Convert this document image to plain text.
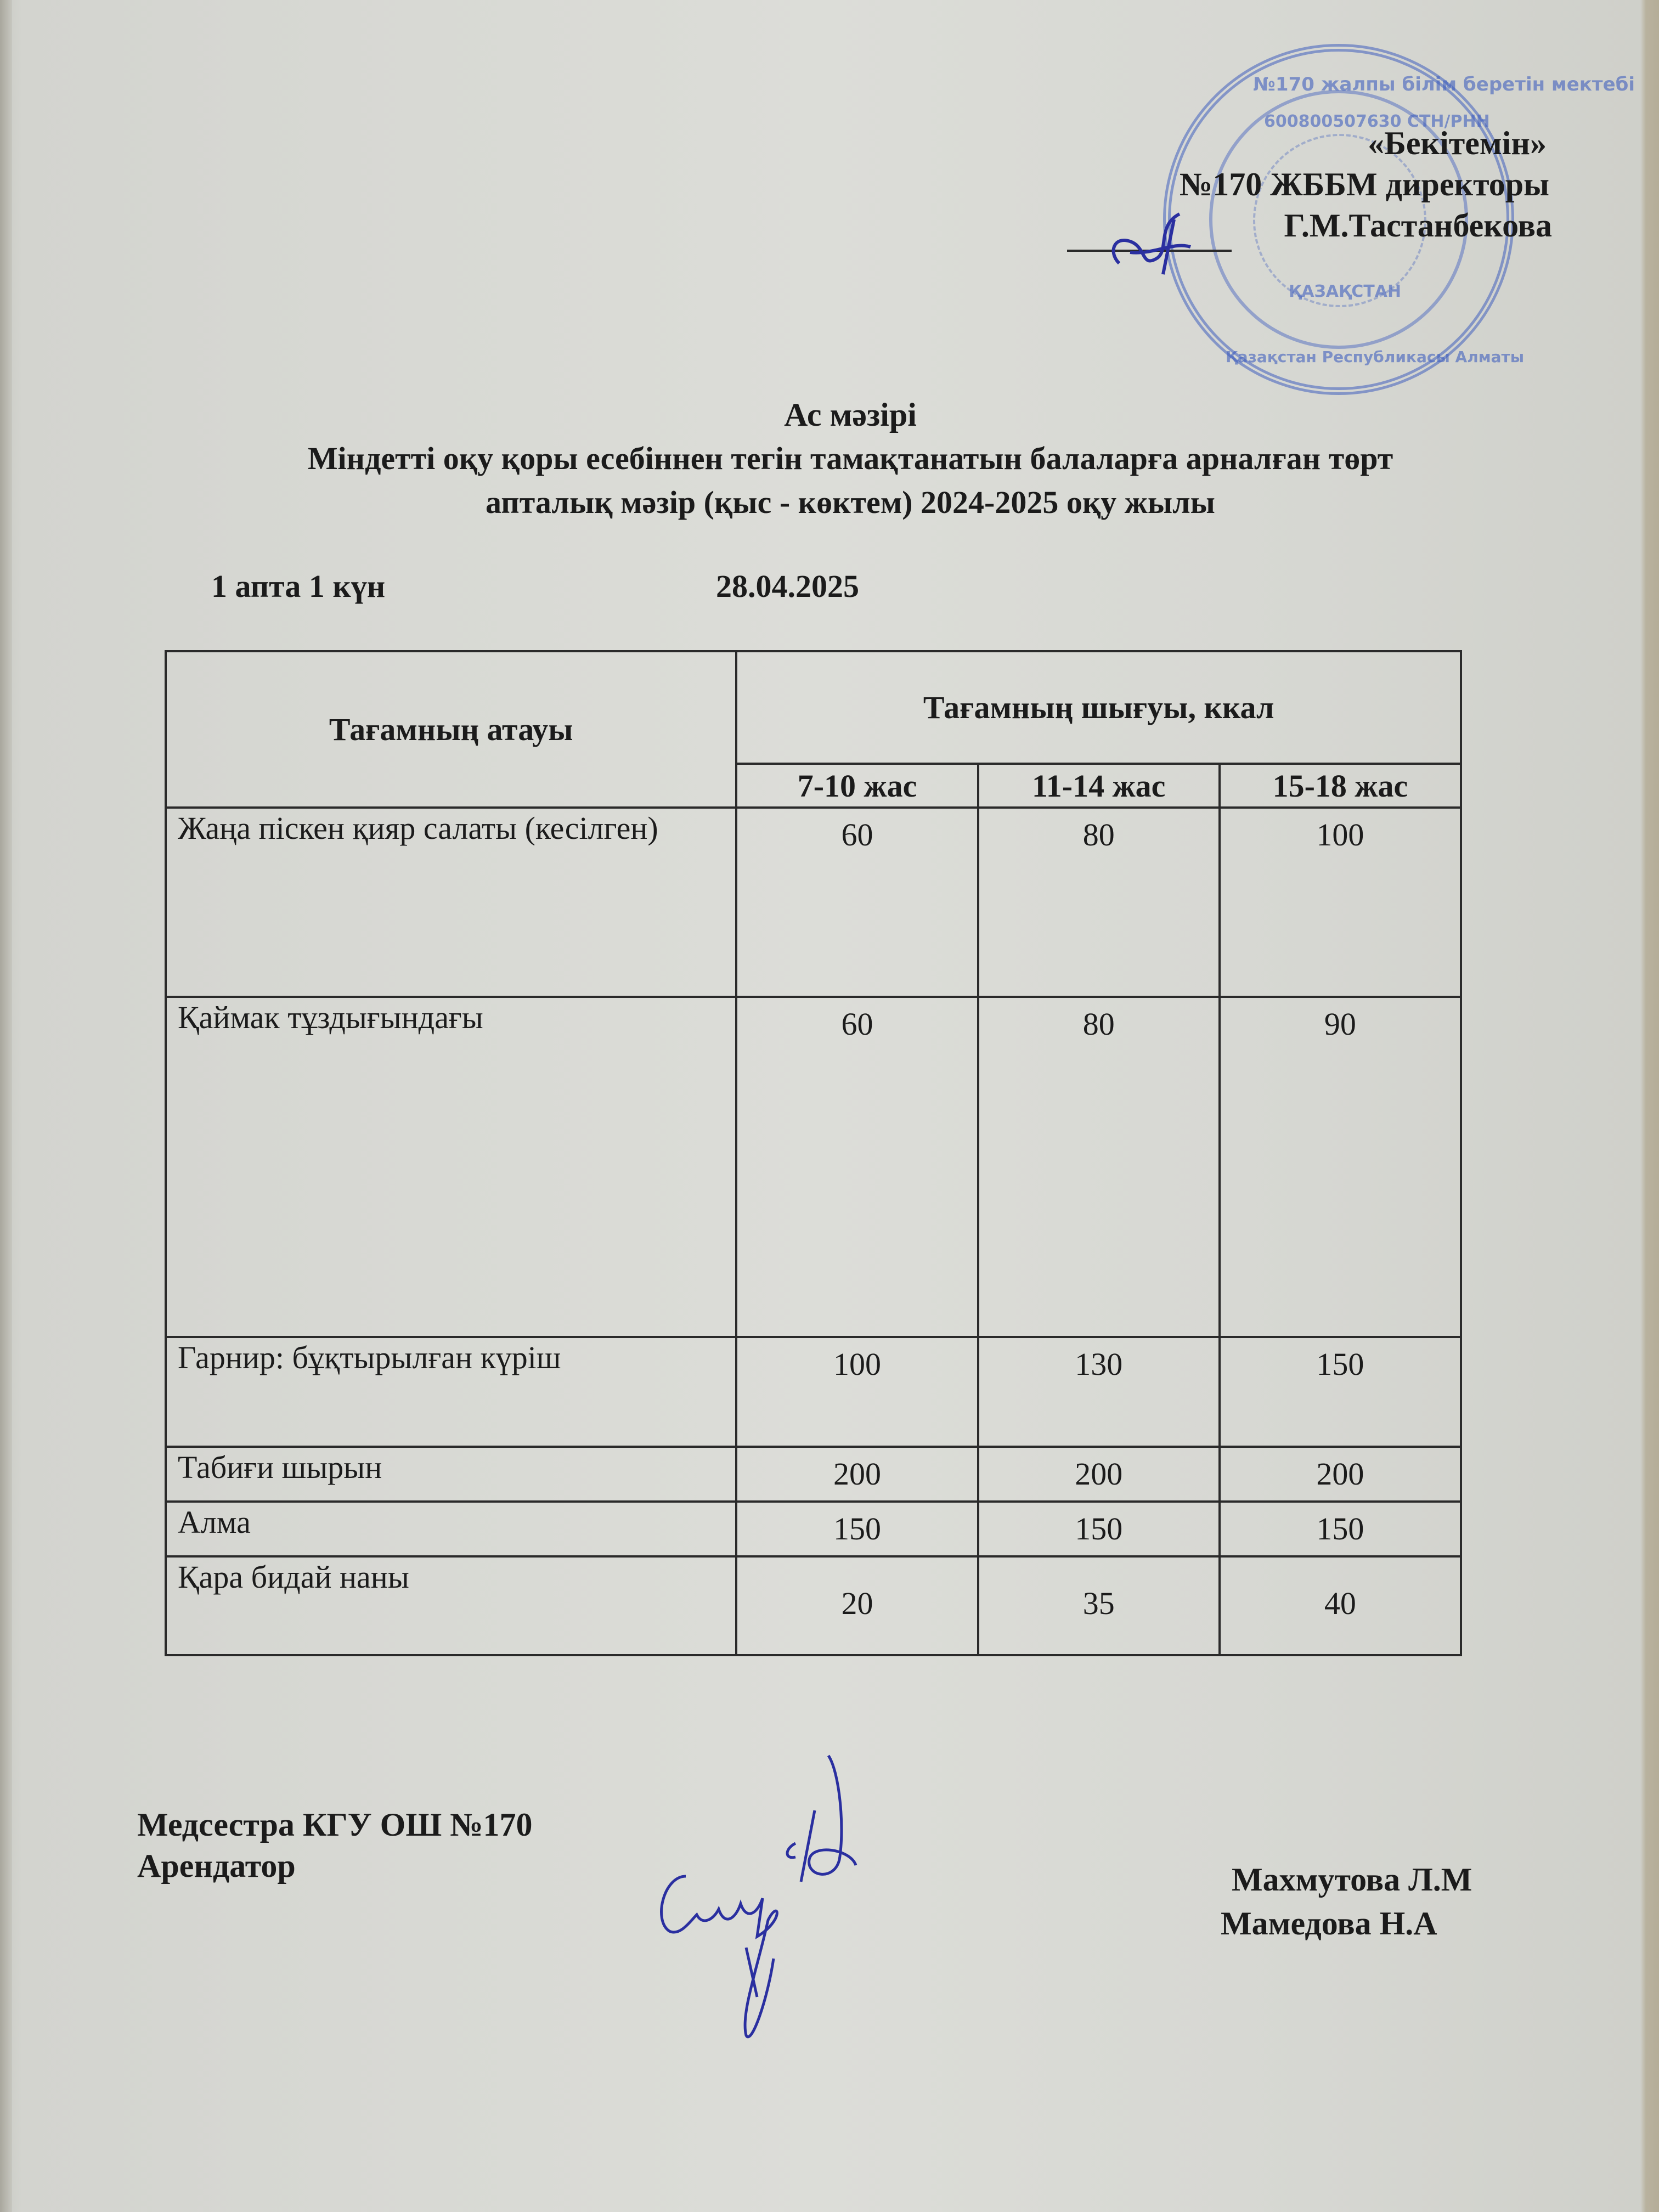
№170 жалпы білім беретін мектебі
600800507630 СТН/РНН
ҚАЗАҚСТАН
Қазақстан Республикасы Алматы
«Бекітемін»
№170 ЖББМ директоры
Г.М.Тастанбекова
Ас мәзірі
Міндетті оқу қоры есебіннен тегін тамақтанатын балаларға арналған төрт
апталық мәзір (қыс - көктем) 2024-2025 оқу жылы
1 апта 1 күн	28.04.2025
Тағамның атауы	Тағамның шығуы, ккал		
	7-10 жас	11-14 жас	15-18 жас
Жаңа піскен қияр салаты (кесілген)	60	80	100
Қаймак тұздығындағы	60	80	90
Гарнир: бұқтырылған күріш	100	130	150
Табиғи шырын	200	200	200
Алма	150	150	150
Қара бидай наны	20	35	40
Медсестра КГУ ОШ №170
Арендатор	Махмутова Л.М
Мамедова Н.А
